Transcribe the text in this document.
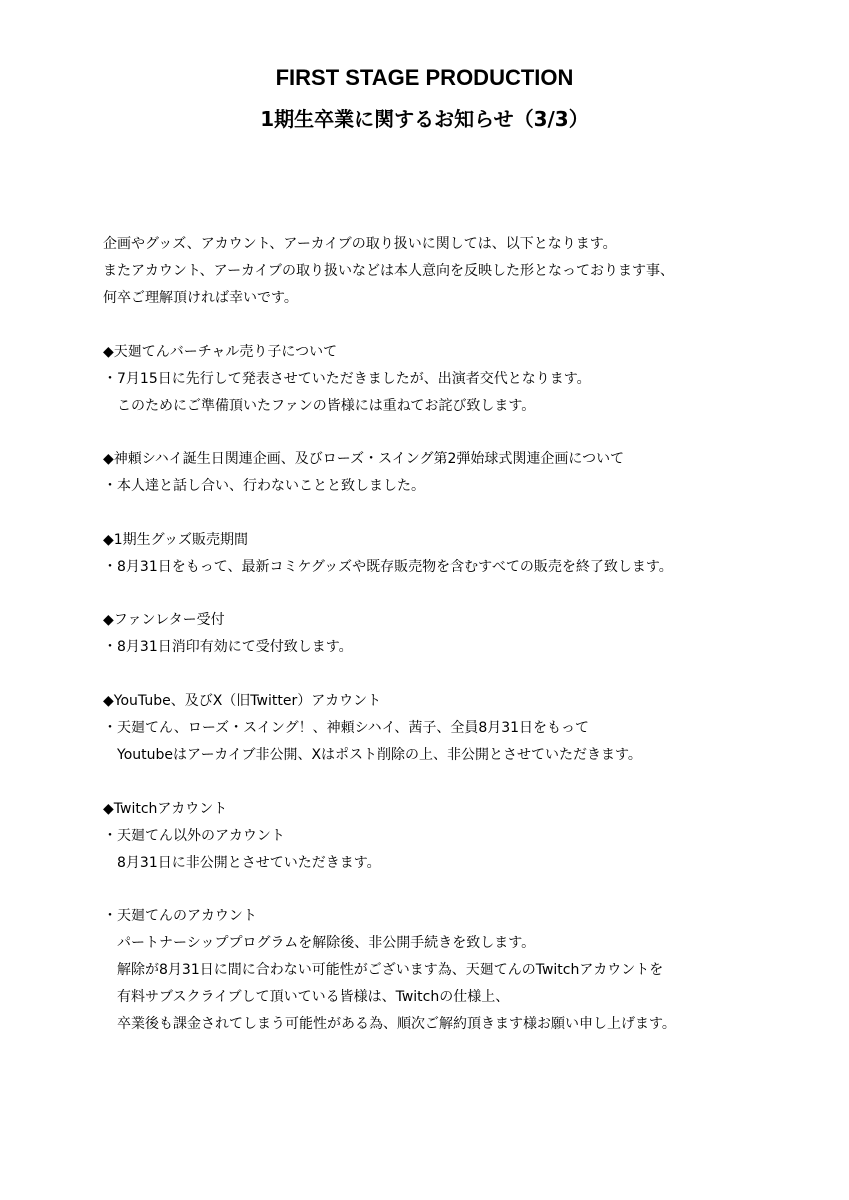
FIRST STAGE PRODUCTION

1期生卒業に関するお知らせ（3/3）

企画やグッズ、アカウント、アーカイブの取り扱いに関しては、以下となります。

またアカウント、アーカイブの取り扱いなどは本人意向を反映した形となっております事、

何卒ご理解頂ければ幸いです。

◆天廻てんバーチャル売り子について

・7月15日に先行して発表させていただきましたが、出演者交代となります。

　このためにご準備頂いたファンの皆様には重ねてお詫び致します。

◆神頼シハイ誕生日関連企画、及びローズ・スイング第2弾始球式関連企画について

・本人達と話し合い、行わないことと致しました。

◆1期生グッズ販売期間

・8月31日をもって、最新コミケグッズや既存販売物を含むすべての販売を終了致します。

◆ファンレター受付

・8月31日消印有効にて受付致します。

◆YouTube、及びX（旧Twitter）アカウント

・天廻てん、ローズ・スイング！、神頼シハイ、茜子、全員8月31日をもって

　Youtubeはアーカイブ非公開、Xはポスト削除の上、非公開とさせていただきます。

◆Twitchアカウント

・天廻てん以外のアカウント

　8月31日に非公開とさせていただきます。

・天廻てんのアカウント

　パートナーシッププログラムを解除後、非公開手続きを致します。

　解除が8月31日に間に合わない可能性がございます為、天廻てんのTwitchアカウントを

　有料サブスクライブして頂いている皆様は、Twitchの仕様上、

　卒業後も課金されてしまう可能性がある為、順次ご解約頂きます様お願い申し上げます。
